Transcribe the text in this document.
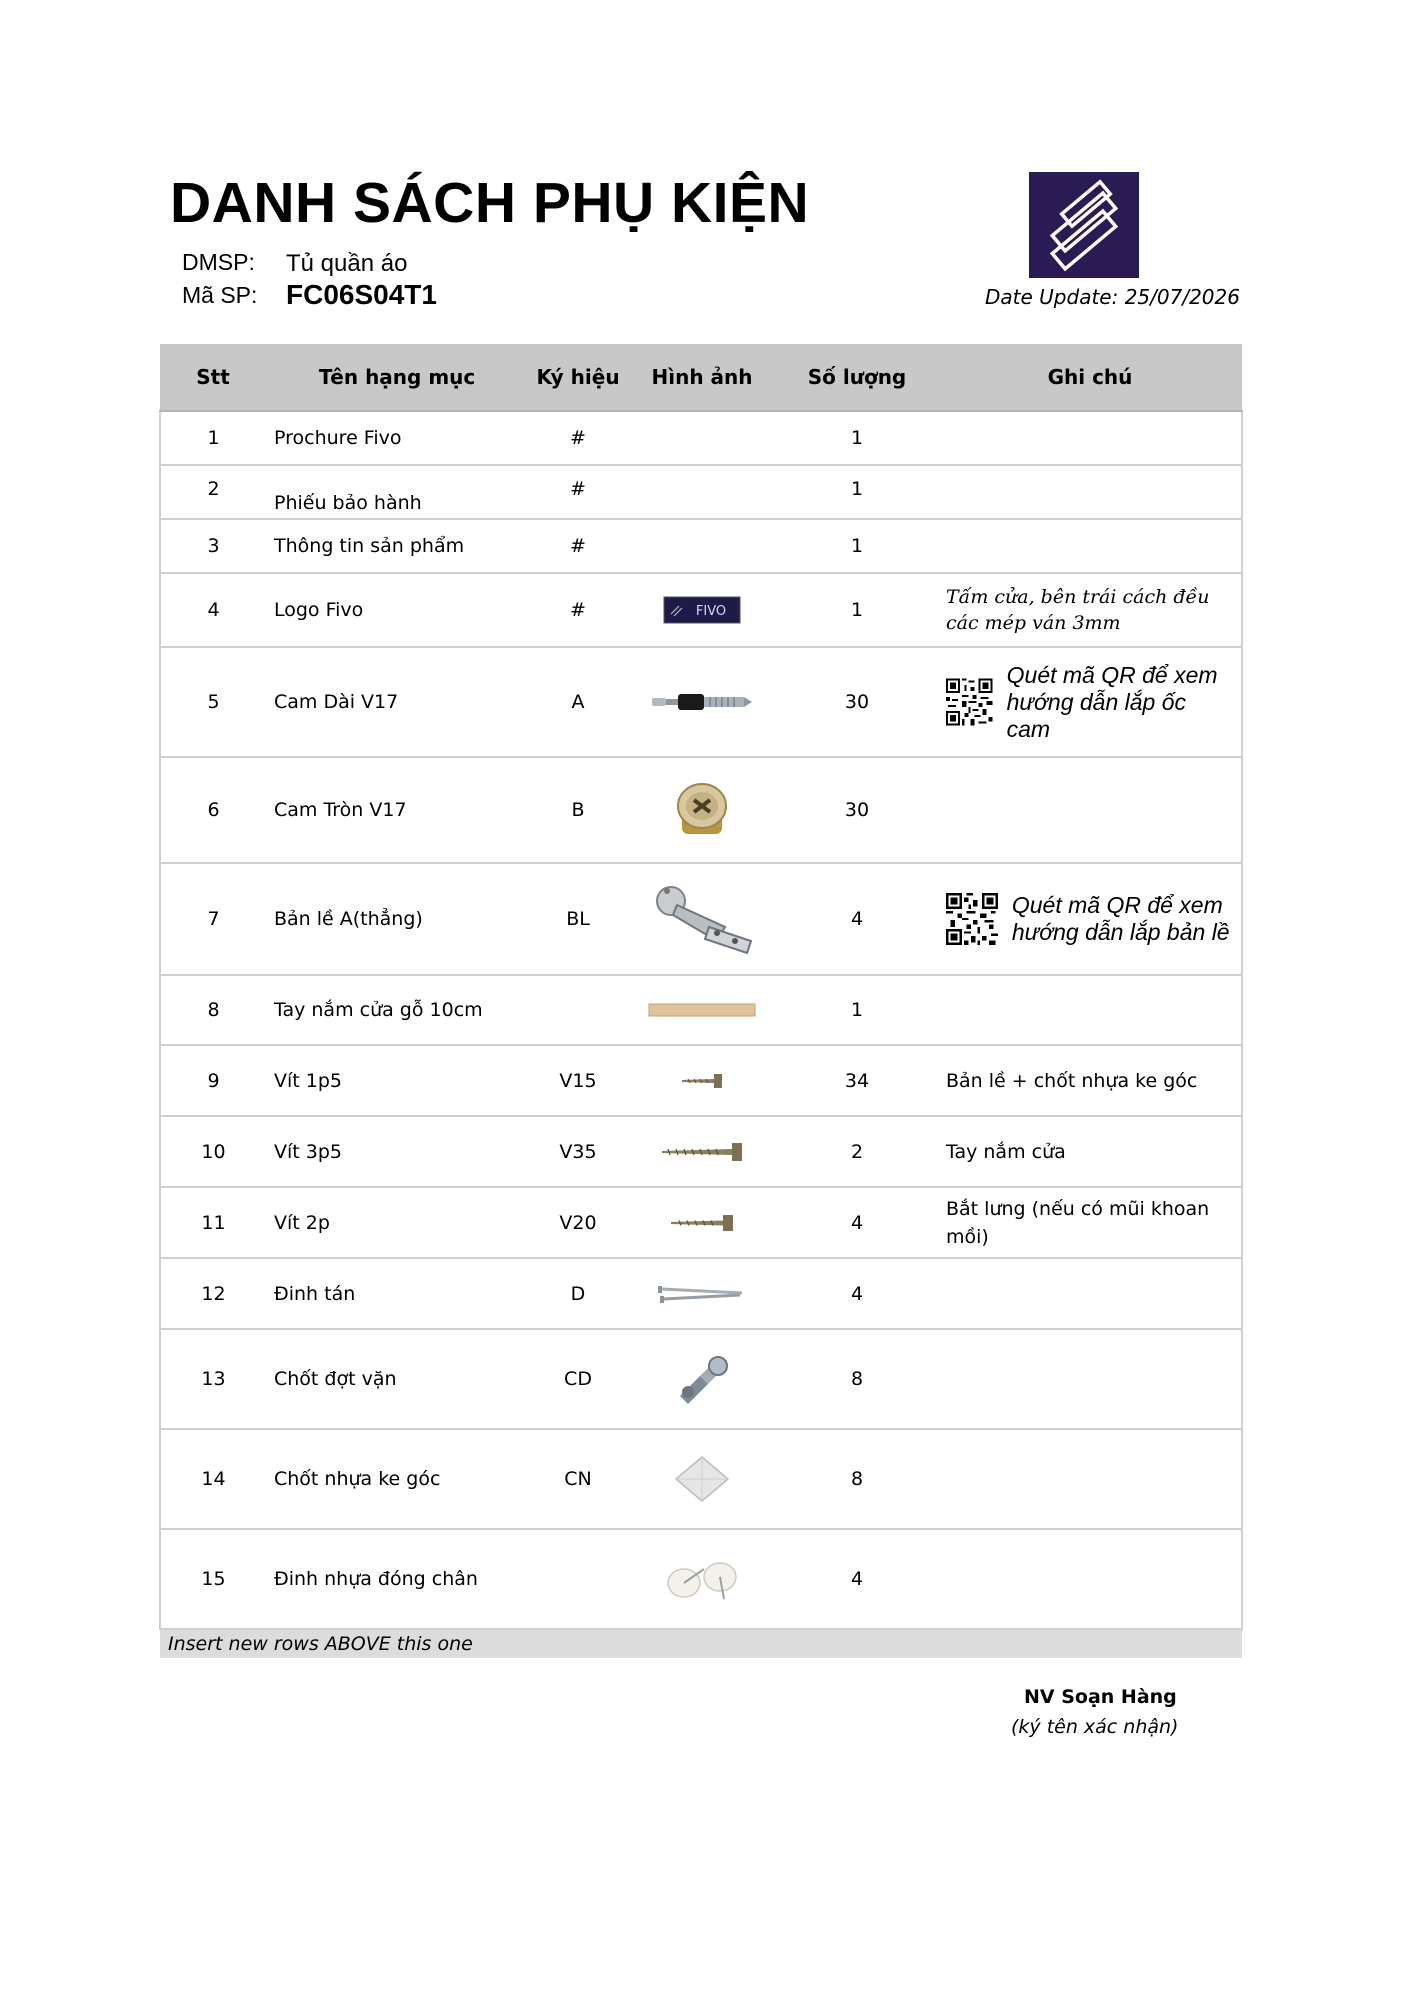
DANH SÁCH PHỤ KIỆN
DMSP: Tủ quần áo
Mã SP: FC06S04T1	Date Update: 25/07/2026
Stt	Tên hạng mục	Ký hiệu	Hình ảnh	Số lượng	Ghi chú
1	Prochure Fivo	#		1	
2	Phiếu bảo hành	#		1	
3	Thông tin sản phẩm	#		1	
4	Logo Fivo	#	FIVO	1	Tấm cửa, bên trái cách đều các mép ván 3mm
5	Cam Dài V17	A		30	Quét mã QR để xem hướng dẫn lắp ốc cam

6	Cam Tròn V17	B		30	
7	Bản lề A(thẳng)	BL		4	Quét mã QR để xem hướng dẫn lắp bản lề

8	Tay nắm cửa gỗ 10cm			1	
9	Vít 1p5	V15		34	Bản lề + chốt nhựa ke góc
10	Vít 3p5	V35		2	Tay nắm cửa
11	Vít 2p	V20		4	Bắt lưng (nếu có mũi khoan mồi)
12	Đinh tán	D		4	
13	Chốt đợt vặn	CD		8	
14	Chốt nhựa ke góc	CN		8	
15	Đinh nhựa đóng chân			4	
Insert new rows ABOVE this one					
NV Soạn Hàng
(ký tên xác nhận)
